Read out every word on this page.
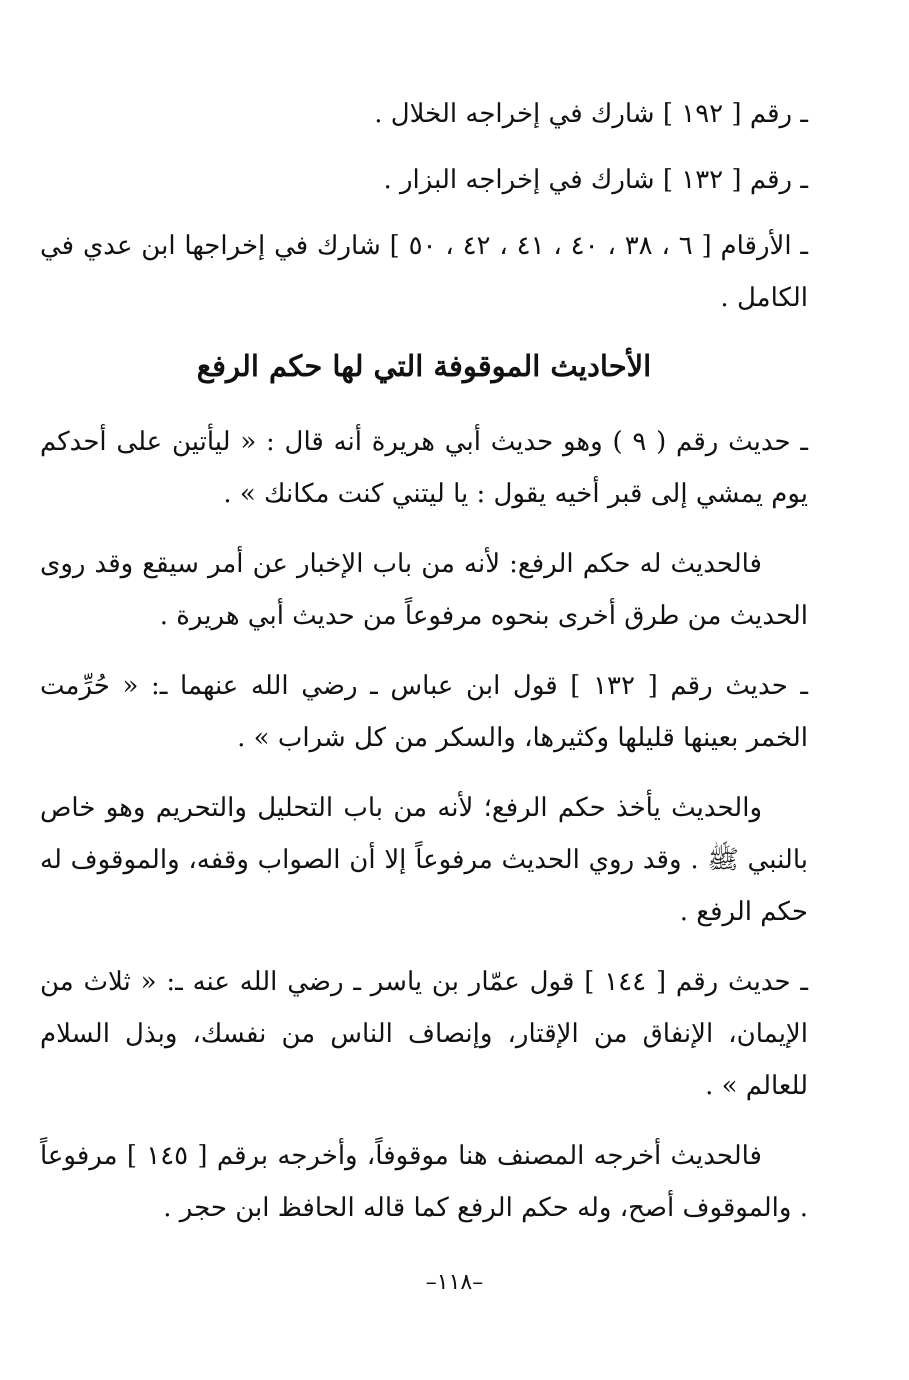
ـ رقم [ ١٩٢ ] شارك في إخراجه الخلال .

ـ رقم [ ١٣٢ ] شارك في إخراجه البزار .

ـ الأرقام [ ٦ ، ٣٨ ، ٤٠ ، ٤١ ، ٤٢ ، ٥٠ ] شارك في إخراجها ابن عدي في الكامل .

الأحاديث الموقوفة التي لها حكم الرفع

ـ حديث رقم ( ٩ ) وهو حديث أبي هريرة أنه قال : « ليأتين على أحدكم يوم يمشي إلى قبر أخيه يقول : يا ليتني كنت مكانك » .

فالحديث له حكم الرفع: لأنه من باب الإخبار عن أمر سيقع وقد روى الحديث من طرق أخرى بنحوه مرفوعاً من حديث أبي هريرة .

ـ حديث رقم [ ١٣٢ ] قول ابن عباس ـ رضي الله عنهما ـ: « حُرِّمت الخمر بعينها قليلها وكثيرها، والسكر من كل شراب » .

والحديث يأخذ حكم الرفع؛ لأنه من باب التحليل والتحريم وهو خاص بالنبي ﷺ . وقد روي الحديث مرفوعاً إلا أن الصواب وقفه، والموقوف له حكم الرفع .

ـ حديث رقم [ ١٤٤ ] قول عمّار بن ياسر ـ رضي الله عنه ـ: « ثلاث من الإيمان، الإنفاق من الإقتار، وإنصاف الناس من نفسك، وبذل السلام للعالم » .

فالحديث أخرجه المصنف هنا موقوفاً، وأخرجه برقم [ ١٤٥ ] مرفوعاً . والموقوف أصح، وله حكم الرفع كما قاله الحافظ ابن حجر .

–١١٨–
